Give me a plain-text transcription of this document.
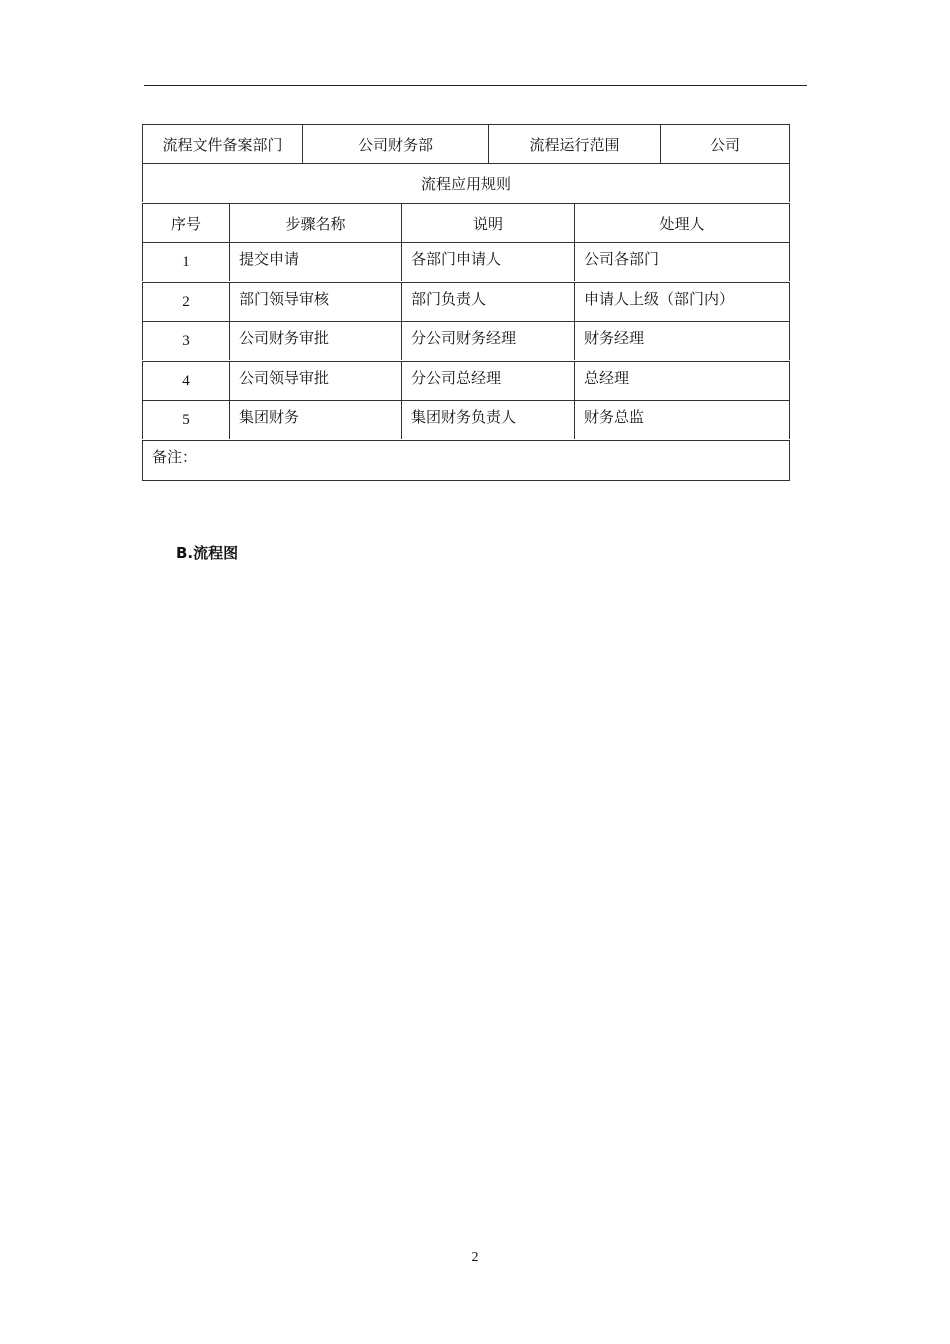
流程文件备案部门	公司财务部	流程运行范围	公司
流程应用规则
序号	步骤名称	说明	处理人
1	提交申请	各部门申请人	公司各部门
2	部门领导审核	部门负责人	申请人上级（部门内）
3	公司财务审批	分公司财务经理	财务经理
4	公司领导审批	分公司总经理	总经理
5	集团财务	集团财务负责人	财务总监
备注：
B.流程图
2
